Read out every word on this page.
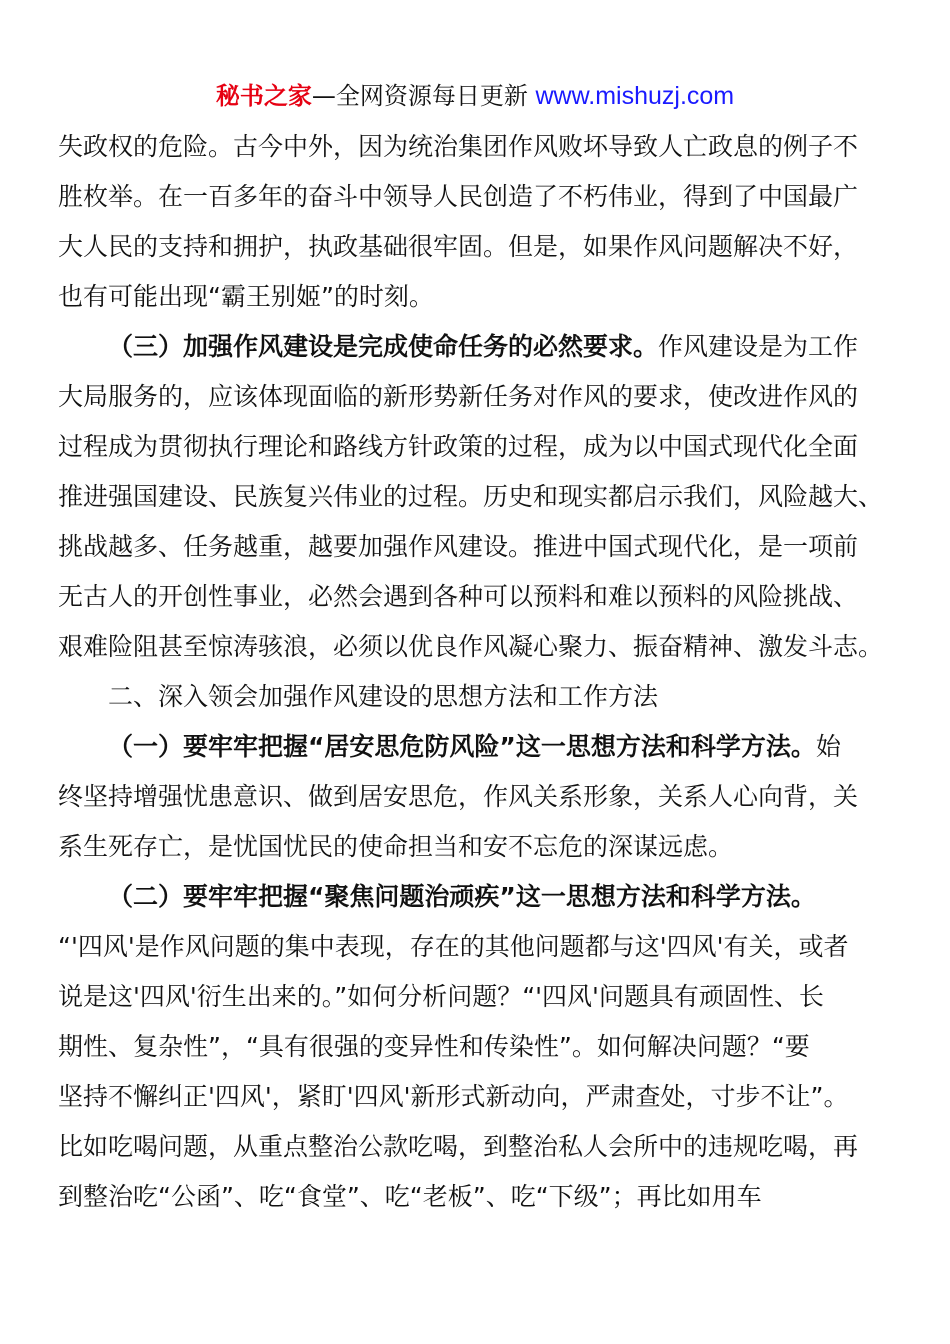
秘书之家—全网资源每日更新 www.mishuzj.com
失政权的危险。古今中外，因为统治集团作风败坏导致人亡政息的例子不
胜枚举。在一百多年的奋斗中领导人民创造了不朽伟业，得到了中国最广
大人民的支持和拥护，执政基础很牢固。但是，如果作风问题解决不好，
也有可能出现“霸王别姬”的时刻。
（三）加强作风建设是完成使命任务的必然要求。作风建设是为工作
大局服务的，应该体现面临的新形势新任务对作风的要求，使改进作风的
过程成为贯彻执行理论和路线方针政策的过程，成为以中国式现代化全面
推进强国建设、民族复兴伟业的过程。历史和现实都启示我们，风险越大、
挑战越多、任务越重，越要加强作风建设。推进中国式现代化，是一项前
无古人的开创性事业，必然会遇到各种可以预料和难以预料的风险挑战、
艰难险阻甚至惊涛骇浪，必须以优良作风凝心聚力、振奋精神、激发斗志。
二、深入领会加强作风建设的思想方法和工作方法
（一）要牢牢把握“居安思危防风险”这一思想方法和科学方法。始
终坚持增强忧患意识、做到居安思危，作风关系形象，关系人心向背，关
系生死存亡，是忧国忧民的使命担当和安不忘危的深谋远虑。
（二）要牢牢把握“聚焦问题治顽疾”这一思想方法和科学方法。
“'四风'是作风问题的集中表现，存在的其他问题都与这'四风'有关，或者
说是这'四风'衍生出来的。”如何分析问题？“'四风'问题具有顽固性、长
期性、复杂性”，“具有很强的变异性和传染性”。如何解决问题？“要
坚持不懈纠正'四风'，紧盯'四风'新形式新动向，严肃查处，寸步不让”。
比如吃喝问题，从重点整治公款吃喝，到整治私人会所中的违规吃喝，再
到整治吃“公函”、吃“食堂”、吃“老板”、吃“下级”；再比如用车
